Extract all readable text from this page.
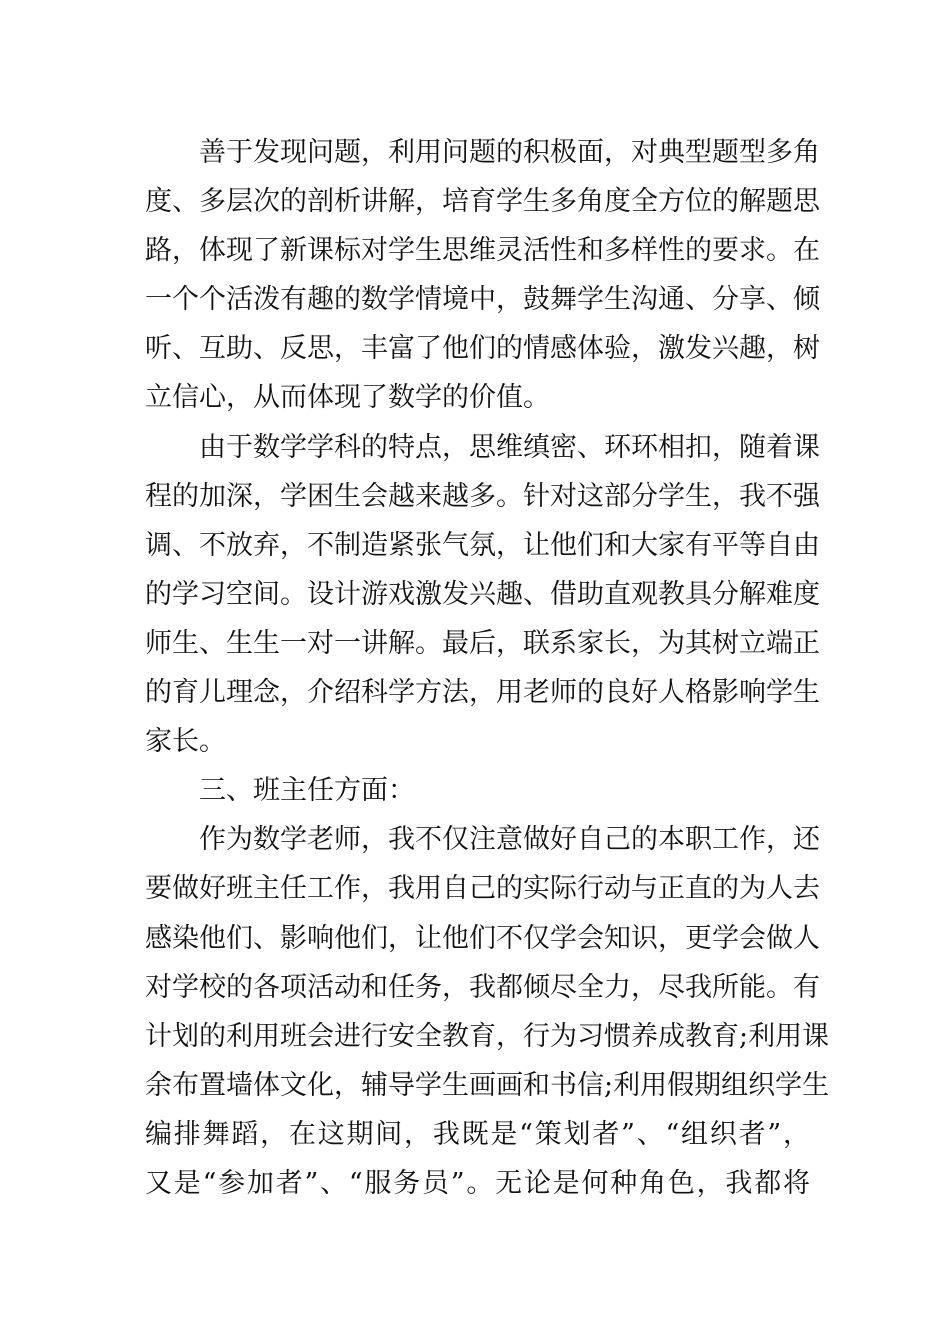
善于发现问题，利用问题的积极面，对典型题型多角
度、多层次的剖析讲解，培育学生多角度全方位的解题思
路，体现了新课标对学生思维灵活性和多样性的要求。在
一个个活泼有趣的数学情境中，鼓舞学生沟通、分享、倾
听、互助、反思，丰富了他们的情感体验，激发兴趣，树
立信心，从而体现了数学的价值。
由于数学学科的特点，思维缜密、环环相扣，随着课
程的加深，学困生会越来越多。针对这部分学生，我不强
调、不放弃，不制造紧张气氛，让他们和大家有平等自由
的学习空间。设计游戏激发兴趣、借助直观教具分解难度
师生、生生一对一讲解。最后，联系家长，为其树立端正
的育儿理念，介绍科学方法，用老师的良好人格影响学生
家长。
三、班主任方面：
作为数学老师，我不仅注意做好自己的本职工作，还
要做好班主任工作，我用自己的实际行动与正直的为人去
感染他们、影响他们，让他们不仅学会知识，更学会做人
对学校的各项活动和任务，我都倾尽全力，尽我所能。有
计划的利用班会进行安全教育，行为习惯养成教育;利用课
余布置墙体文化，辅导学生画画和书信;利用假期组织学生
编排舞蹈，在这期间，我既是“策划者”、“组织者”，
又是“参加者”、“服务员”。无论是何种角色，我都将
